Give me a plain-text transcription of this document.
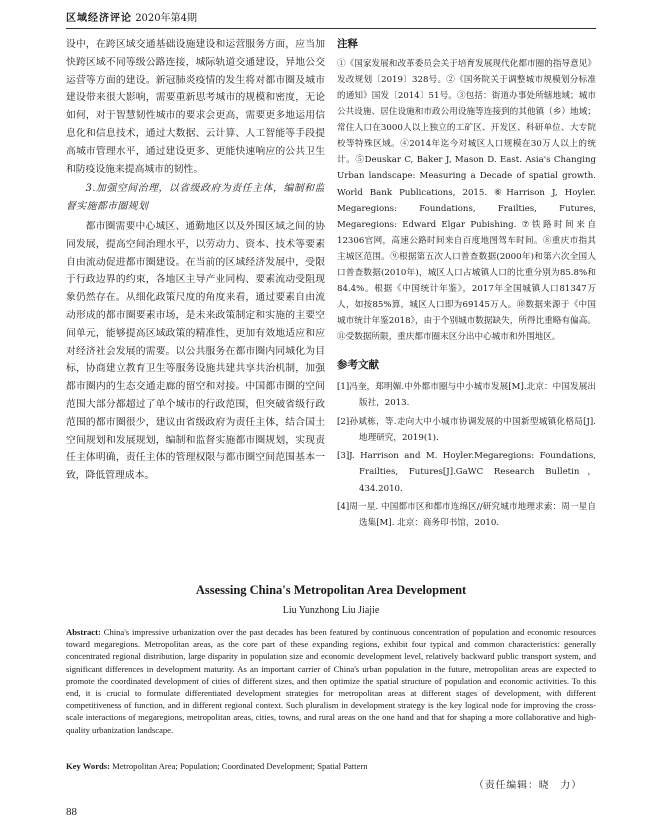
区域经济评论 2020年第4期

设中，在跨区域交通基础设施建设和运营服务方面，应当加快跨区域不同等级公路连接，城际轨道交通建设，异地公交运营等方面的建设。新冠肺炎疫情的发生将对都市圈及城市建设带来很大影响，需要重新思考城市的规模和密度，无论如何，对于智慧韧性城市的要求会更高，需要更多地运用信息化和信息技术，通过大数据、云计算、人工智能等手段提高城市管理水平，通过建设更多、更能快速响应的公共卫生和防疫设施来提高城市的韧性。

3.加强空间治理，以省级政府为责任主体，编制和监督实施都市圈规划

都市圈需要中心城区、通勤地区以及外围区域之间的协同发展，提高空间治理水平，以劳动力、资本、技术等要素自由流动促进都市圈建设。在当前的区域经济发展中，受限于行政边界的约束，各地区主导产业同构、要素流动受阻现象仍然存在。从细化政策尺度的角度来看，通过要素自由流动形成的都市圈要素市场，是未来政策制定和实施的主要空间单元，能够提高区域政策的精准性，更加有效地适应和应对经济社会发展的需要。以公共服务在都市圈内同城化为目标，协商建立教育卫生等服务设施共建共享共治机制，加强都市圈内的生态交通走廊的留空和对接。中国都市圈的空间范围大部分都超过了单个城市的行政范围，但突破省级行政范围的都市圈很少，建议由省级政府为责任主体，结合国土空间规划和发展规划，编制和监督实施都市圈规划，实现责任主体明确，责任主体的管理权限与都市圈空间范围基本一致，降低管理成本。

注释

①《国家发展和改革委员会关于培育发展现代化都市圈的指导意见》发改规划〔2019〕328号。②《国务院关于调整城市规模划分标准的通知》国发〔2014〕51号。③包括：街道办事处所辖地域；城市公共设施、居住设施和市政公用设施等连接到的其他镇（乡）地域；常住人口在3000人以上独立的工矿区、开发区、科研单位、大专院校等特殊区域。④2014年迄今对城区人口规模在30万人以上的统计。⑤Deuskar C, Baker J, Mason D. East. Asia's Changing Urban landscape: Measuring a Decade of spatial growth. World Bank Publications, 2015. ⑥Harrison J, Hoyler. Megaregions: Foundations, Frailties, Futures, Megaregions: Edward Elgar Pubishing. ⑦铁路时间来自12306官网，高速公路时间来自百度地图驾车时间。⑧重庆市指其主城区范围。⑨根据第五次人口普查数据(2000年)和第六次全国人口普查数据(2010年)，城区人口占城镇人口的比重分别为85.8%和84.4%。根据《中国统计年鉴》，2017年全国城镇人口81347万人，如按85%算，城区人口即为69145万人。⑩数据来源于《中国城市统计年鉴2018》，由于个别城市数据缺失，所得比重略有偏高。⑪受数据所限，重庆都市圈末区分出中心城市和外围地区。

参考文献

[1]冯奎，郑明媚.中外都市圈与中小城市发展[M].北京：中国发展出版社，2013.

[2]孙斌栋，等.走向大中小城市协调发展的中国新型城镇化格局[J].地理研究，2019(1).

[3]J. Harrison and M. Hoyler.Megaregions: Foundations, Frailties, Futures[J].GaWC Research Bulletin，434.2010.

[4]周一星. 中国都市区和都市连绵区//研究城市地理求索：周一星自选集[M]. 北京：商务印书馆，2010.

Assessing China's Metropolitan Area Development
Liu Yunzhong Liu Jiajie
Abstract: China's impressive urbanization over the past decades has been featured by continuous concentration of population and economic resources toward megaregions. Metropolitan areas, as the core part of these expanding regions, exhibit four typical and common characteristics: generally concentrated regional distribution, large disparity in population size and economic development level, relatively backward public transport system, and significant differences in development maturity. As an important carrier of China's urban population in the future, metropolitan areas are expected to promote the coordinated development of cities of different sizes, and then optimize the spatial structure of population and economic activities. To this end, it is crucial to formulate differentiated development strategies for metropolitan areas at different stages of development, with different competitiveness of function, and in different regional context. Such pluralism in development strategy is the key logical node for improving the cross-scale interactions of megaregions, metropolitan areas, cities, towns, and rural areas on the one hand and that for shaping a more collaborative and high-quality urbanization landscape.
Key Words: Metropolitan Area; Population; Coordinated Development; Spatial Pattern
（责任编辑：晓　力）
88
